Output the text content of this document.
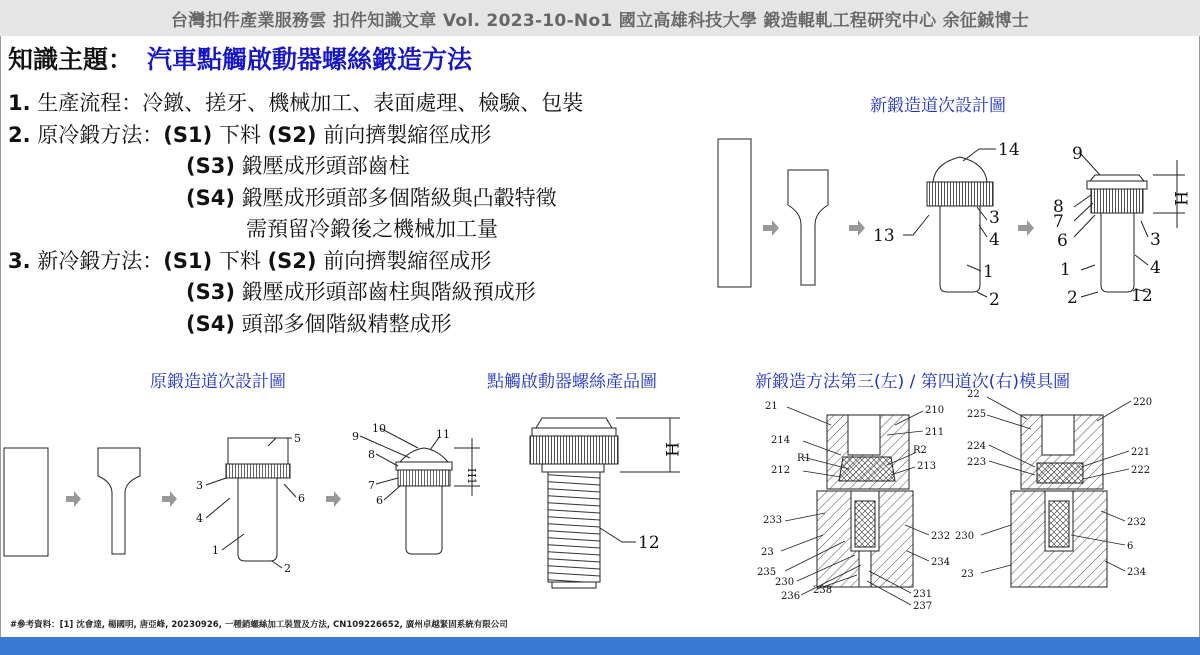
台灣扣件產業服務雲 扣件知識文章 Vol. 2023-10-No1 國立高雄科技大學 鍛造輥軋工程研究中心 余征鋮博士
知識主題： 汽車點觸啟動器螺絲鍛造方法
1. 生產流程：冷鐓、搓牙、機械加工、表面處理、檢驗、包裝
2. 原冷鍛方法：(S1) 下料 (S2) 前向擠製縮徑成形
(S3) 鍛壓成形頭部齒柱
(S4) 鍛壓成形頭部多個階級與凸轂特徵
需預留冷鍛後之機械加工量
3. 新冷鍛方法：(S1) 下料 (S2) 前向擠製縮徑成形
(S3) 鍛壓成形頭部齒柱與階級預成形
(S4) 頭部多個階級精整成形
新鍛造道次設計圖
原鍛造道次設計圖	點觸啟動器螺絲產品圖	新鍛造方法第三(左) / 第四道次(右)模具圖
14
13
3
4
1
2
9
8
7
6	3
4
1
2	12
H
5
3
6
4
1
2
9
10	11
8
7
6
H1
12
H
21	210
211
214
R1
R2
212	213
233
232
234
23
235
230
236
238	231
237
22
225
220
224
223
221
222
232
230
6
23	234
#參考資料：[1] 沈會達, 楊國明, 唐亞峰, 20230926, 一種銷螺絲加工裝置及方法, CN109226652, 廣州卓越緊固系統有限公司
